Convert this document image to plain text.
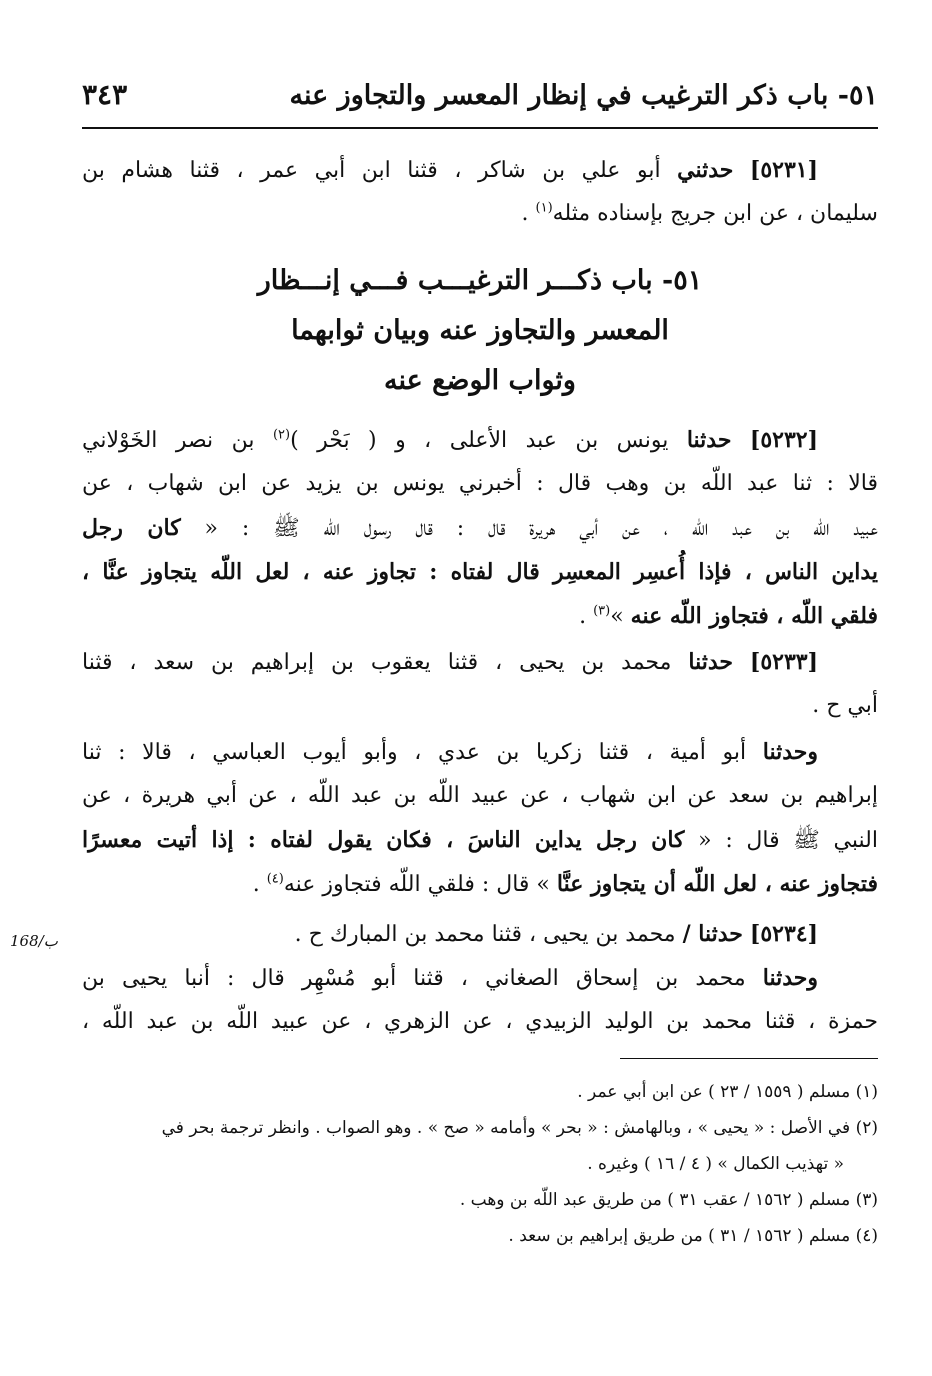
٥١- باب ذكر الترغيب في إنظار المعسر والتجاوز عنه
٣٤٣
[٥٢٣١] حدثني أبو علي بن شاكر ، قثنا ابن أبي عمر ، قثنا هشام بن
سليمان ، عن ابن جريج بإسناده مثله$^{(١)}$ .
٥١- باب ذكـــر الترغيـــب فـــي إنـــظار
المعسر والتجاوز عنه وبيان ثوابهما
وثواب الوضع عنه
[٥٢٣٢] حدثنا يونس بن عبد الأعلى ، و ( بَحْر )$^{(٢)}$ بن نصر الخَوْلاني
قالا : ثنا عبد اللّه بن وهب قال : أخبرني يونس بن يزيد عن ابن شهاب ، عن
عبيد اللّه بن عبد اللّه ، عن أبي هريرة قال : قال رسول اللّه ﷺ : « كان رجل
يداين الناس ، فإذا أُعسِر المعسِر قال لفتاه : تجاوز عنه ، لعل اللّه يتجاوز عنَّا ،
فلقي اللّه ، فتجاوز اللّه عنه »$^{(٣)}$ .
[٥٢٣٣] حدثنا محمد بن يحيى ، قثنا يعقوب بن إبراهيم بن سعد ، قثنا
أبي ح .
وحدثنا أبو أمية ، قثنا زكريا بن عدي ، وأبو أيوب العباسي ، قالا : ثنا
إبراهيم بن سعد عن ابن شهاب ، عن عبيد اللّه بن عبد اللّه ، عن أبي هريرة ، عن
النبي ﷺ قال : « كان رجل يداين الناسَ ، فكان يقول لفتاه : إذا أتيت معسرًا
فتجاوز عنه ، لعل اللّه أن يتجاوز عنَّا » قال : فلقي اللّه فتجاوز عنه$^{(٤)}$ .
[٥٢٣٤] حدثنا / محمد بن يحيى ، قثنا محمد بن المبارك ح .
وحدثنا محمد بن إسحاق الصغاني ، قثنا أبو مُسْهِر قال : أنبا يحيى بن
حمزة ، قثنا محمد بن الوليد الزبيدي ، عن الزهري ، عن عبيد اللّه بن عبد اللّه ،
168/ب
(١) مسلم ( ١٥٥٩ / ٢٣ ) عن ابن أبي عمر .
(٢) في الأصل : « يحيى » ، وبالهامش : « بحر » وأمامه « صح » . وهو الصواب . وانظر ترجمة بحر في
« تهذيب الكمال » ( ٤ / ١٦ ) وغيره .
(٣) مسلم ( ١٥٦٢ / عقب ٣١ ) من طريق عبد اللّه بن وهب .
(٤) مسلم ( ١٥٦٢ / ٣١ ) من طريق إبراهيم بن سعد .
